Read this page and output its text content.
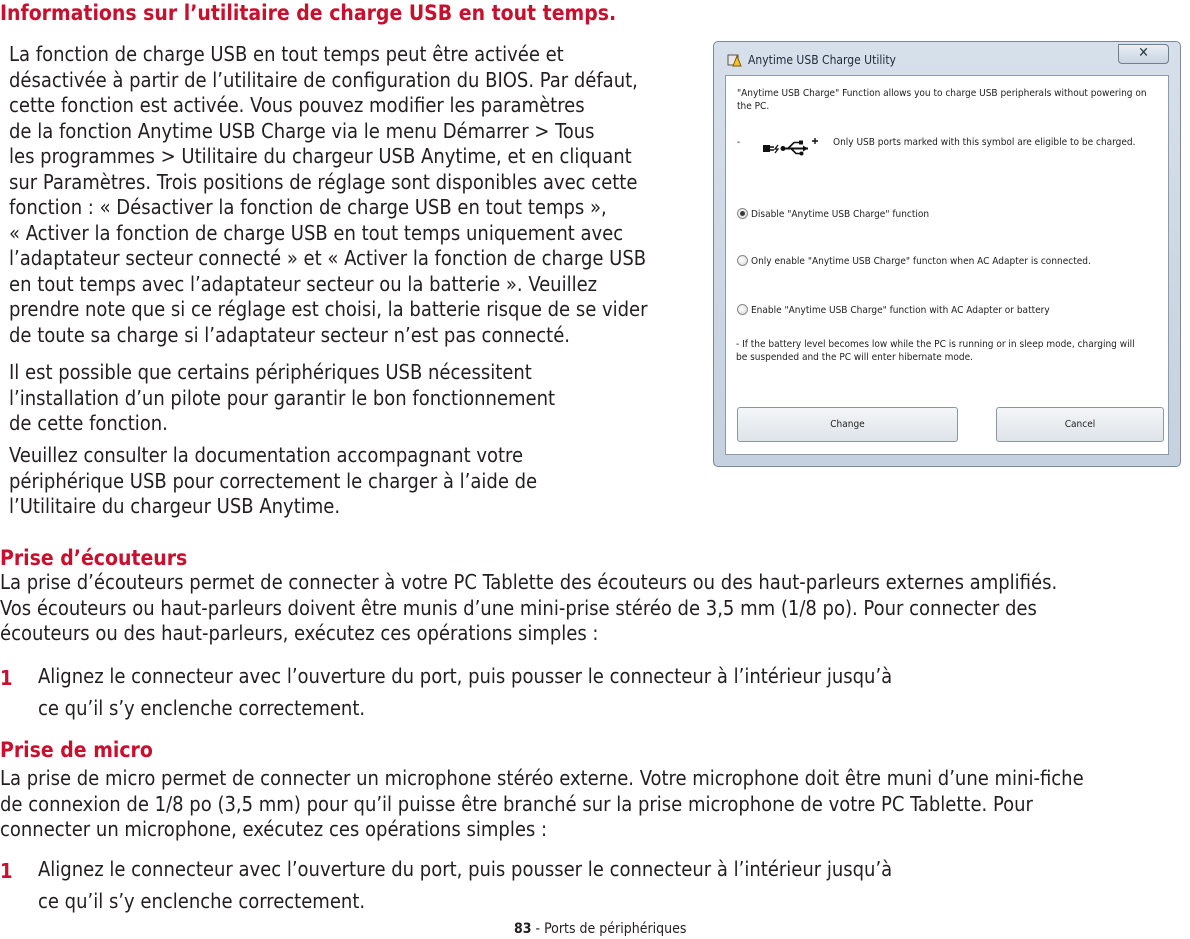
Informations sur l’utilitaire de charge USB en tout temps.
La fonction de charge USB en tout temps peut être activée et
désactivée à partir de l’utilitaire de configuration du BIOS. Par défaut,
cette fonction est activée. Vous pouvez modifier les paramètres
de la fonction Anytime USB Charge via le menu Démarrer > Tous
les programmes > Utilitaire du chargeur USB Anytime, et en cliquant
sur Paramètres. Trois positions de réglage sont disponibles avec cette
fonction : « Désactiver la fonction de charge USB en tout temps »,
« Activer la fonction de charge USB en tout temps uniquement avec
l’adaptateur secteur connecté » et « Activer la fonction de charge USB
en tout temps avec l’adaptateur secteur ou la batterie ». Veuillez
prendre note que si ce réglage est choisi, la batterie risque de se vider
de toute sa charge si l’adaptateur secteur n’est pas connecté.
Il est possible que certains périphériques USB nécessitent
l’installation d’un pilote pour garantir le bon fonctionnement
de cette fonction.
Veuillez consulter la documentation accompagnant votre
périphérique USB pour correctement le charger à l’aide de
l’Utilitaire du chargeur USB Anytime.
Anytime USB Charge Utility	✕
"Anytime USB Charge" Function allows you to charge USB peripherals without powering on
the PC.
-	Only USB ports marked with this symbol are eligible to be charged.
Disable "Anytime USB Charge" function
Only enable "Anytime USB Charge" functon when AC Adapter is connected.
Enable "Anytime USB Charge" function with AC Adapter or battery
- If the battery level becomes low while the PC is running or in sleep mode, charging will
be suspended and the PC will enter hibernate mode.
Change	Cancel
Prise d’écouteurs
La prise d’écouteurs permet de connecter à votre PC Tablette des écouteurs ou des haut-parleurs externes amplifiés.
Vos écouteurs ou haut-parleurs doivent être munis d’une mini-prise stéréo de 3,5 mm (1/8 po). Pour connecter des
écouteurs ou des haut-parleurs, exécutez ces opérations simples :
1 Alignez le connecteur avec l’ouverture du port, puis pousser le connecteur à l’intérieur jusqu’à
ce qu’il s’y enclenche correctement.
Prise de micro
La prise de micro permet de connecter un microphone stéréo externe. Votre microphone doit être muni d’une mini-fiche
de connexion de 1/8 po (3,5 mm) pour qu’il puisse être branché sur la prise microphone de votre PC Tablette. Pour
connecter un microphone, exécutez ces opérations simples :
1 Alignez le connecteur avec l’ouverture du port, puis pousser le connecteur à l’intérieur jusqu’à
ce qu’il s’y enclenche correctement.
83 - Ports de périphériques
